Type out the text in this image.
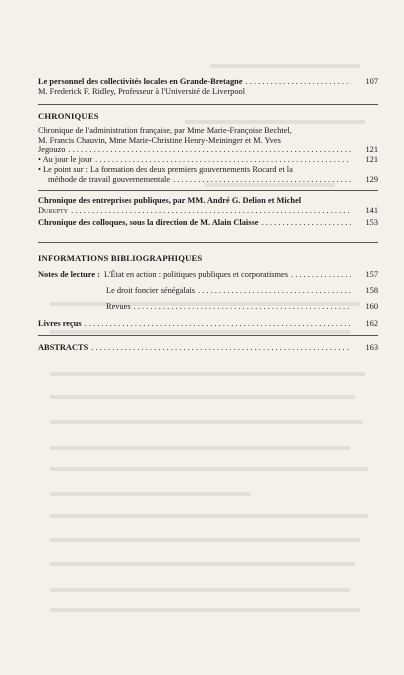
Le personnel des collectivités locales en Grande-Bretagne . . .	107
M. Frederick F. Ridley, Professeur à l'Université de Liverpool
CHRONIQUES
Chronique de l'administration française, par Mme Marie-Françoise Bechtel,
M. Francis Chauvin, Mme Marie-Christine Henry-Meininger et M. Yves
Jegouzo . . .	121
• Au jour le jour . . .	121
• Le point sur : La formation des deux premiers gouvernements Rocard et la
méthode de travail gouvernementale . . .	129
Chronique des entreprises publiques, par MM. André G. Delion et Michel
Durupty . . .	141
Chronique des colloques, sous la direction de M. Alain Claisse . . .	153
INFORMATIONS BIBLIOGRAPHIQUES
Notes de lecture : L'État en action : politiques publiques et corporatismes . . .	157
Le droit foncier sénégalais . . .	158
Revues . . .	160
Livres reçus . . .	162
ABSTRACTS . . .	163
